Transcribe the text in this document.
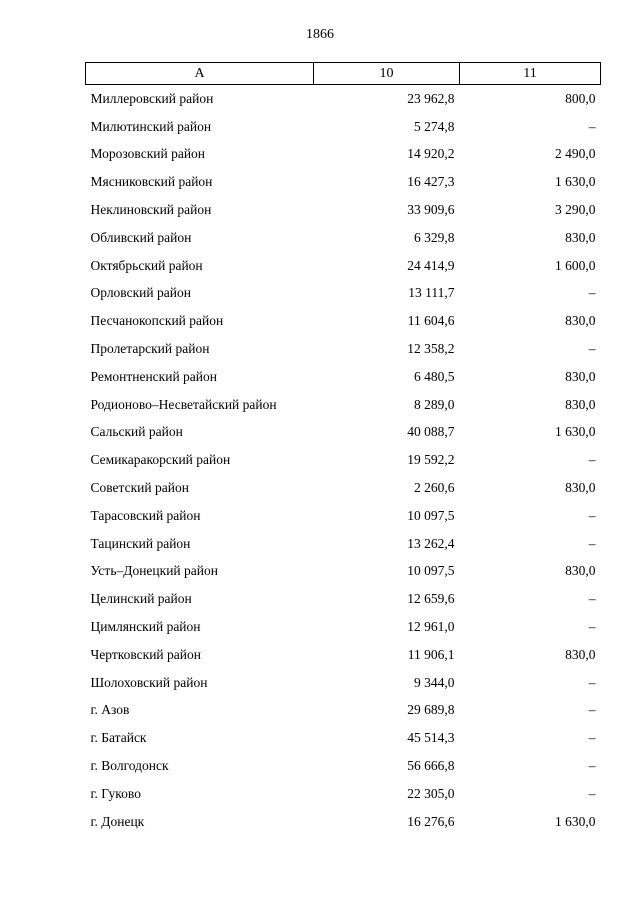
1866
А	10	11
Миллеровский район	23 962,8	800,0
Милютинский район	5 274,8	–
Морозовский район	14 920,2	2 490,0
Мясниковский район	16 427,3	1 630,0
Неклиновский район	33 909,6	3 290,0
Обливский район	6 329,8	830,0
Октябрьский район	24 414,9	1 600,0
Орловский район	13 111,7	–
Песчанокопский район	11 604,6	830,0
Пролетарский район	12 358,2	–
Ремонтненский район	6 480,5	830,0
Родионово–Несветайский район	8 289,0	830,0
Сальский район	40 088,7	1 630,0
Семикаракорский район	19 592,2	–
Советский район	2 260,6	830,0
Тарасовский район	10 097,5	–
Тацинский район	13 262,4	–
Усть–Донецкий район	10 097,5	830,0
Целинский район	12 659,6	–
Цимлянский район	12 961,0	–
Чертковский район	11 906,1	830,0
Шолоховский район	9 344,0	–
г. Азов	29 689,8	–
г. Батайск	45 514,3	–
г. Волгодонск	56 666,8	–
г. Гуково	22 305,0	–
г. Донецк	16 276,6	1 630,0
